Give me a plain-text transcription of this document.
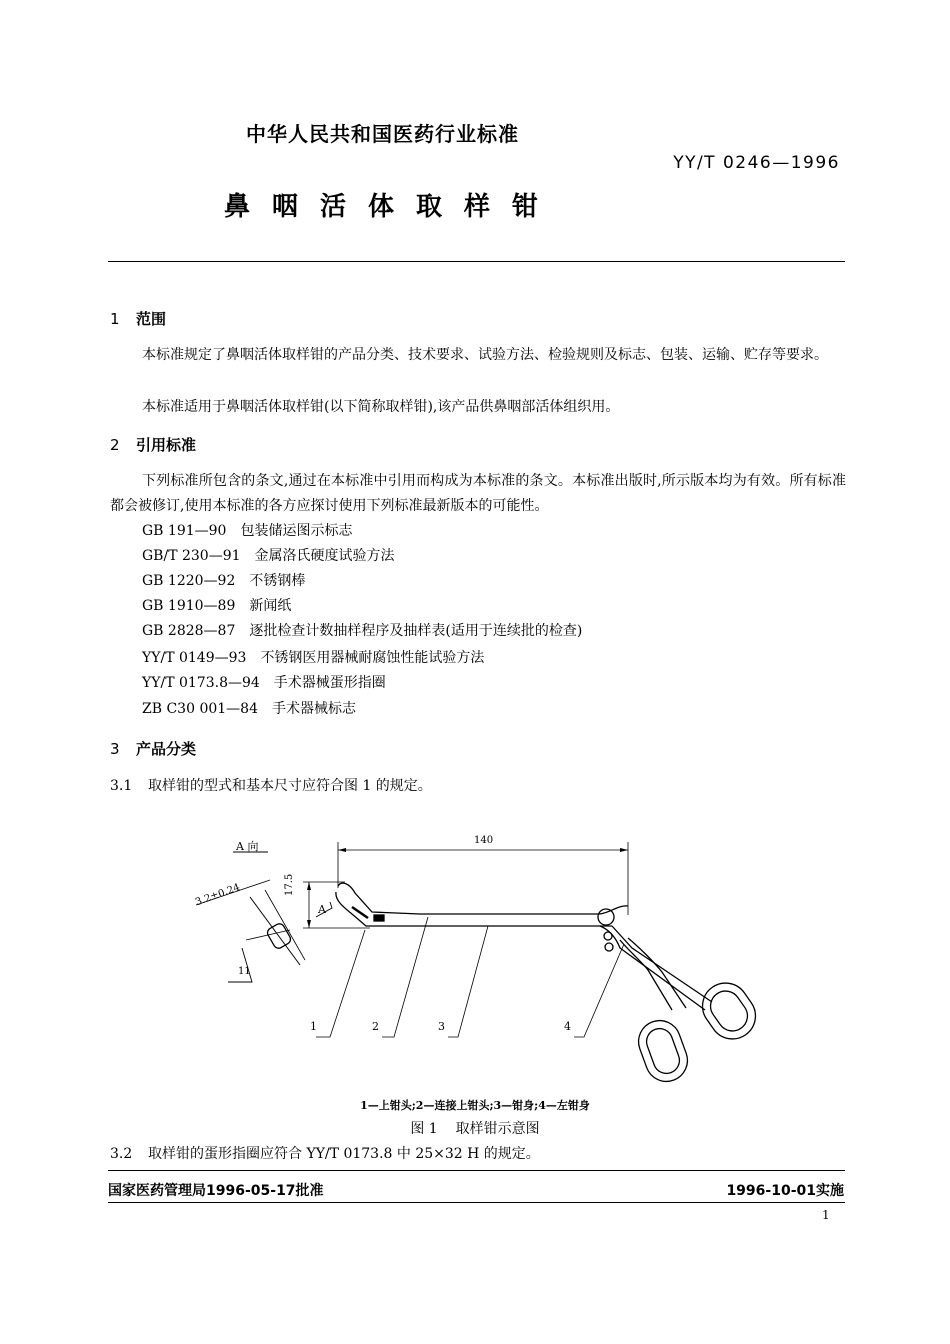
中华人民共和国医药行业标准
YY/T 0246—1996
鼻咽活体取样钳
1 范围
本标准规定了鼻咽活体取样钳的产品分类、技术要求、试验方法、检验规则及标志、包装、运输、贮存等要求。
本标准适用于鼻咽活体取样钳(以下简称取样钳),该产品供鼻咽部活体组织用。
2 引用标准
下列标准所包含的条文,通过在本标准中引用而构成为本标准的条文。本标准出版时,所示版本均为有效。所有标准都会被修订,使用本标准的各方应探讨使用下列标准最新版本的可能性。
GB 191—90 包装储运图示标志
GB/T 230—91 金属洛氏硬度试验方法
GB 1220—92 不锈钢棒
GB 1910—89 新闻纸
GB 2828—87 逐批检查计数抽样程序及抽样表(适用于连续批的检查)
YY/T 0149—93 不锈钢医用器械耐腐蚀性能试验方法
YY/T 0173.8—94 手术器械蛋形指圈
ZB C30 001—84 手术器械标志
3 产品分类
3.1 取样钳的型式和基本尺寸应符合图 1 的规定。
A 向	140
17.5
3.2±0.24
A
11
1	2	3	4
1—上钳头;2—连接上钳头;3—钳身;4—左钳身
图 1 取样钳示意图
3.2 取样钳的蛋形指圈应符合 YY/T 0173.8 中 25×32 H 的规定。
国家医药管理局1996-05-17批准	1996-10-01实施
1
